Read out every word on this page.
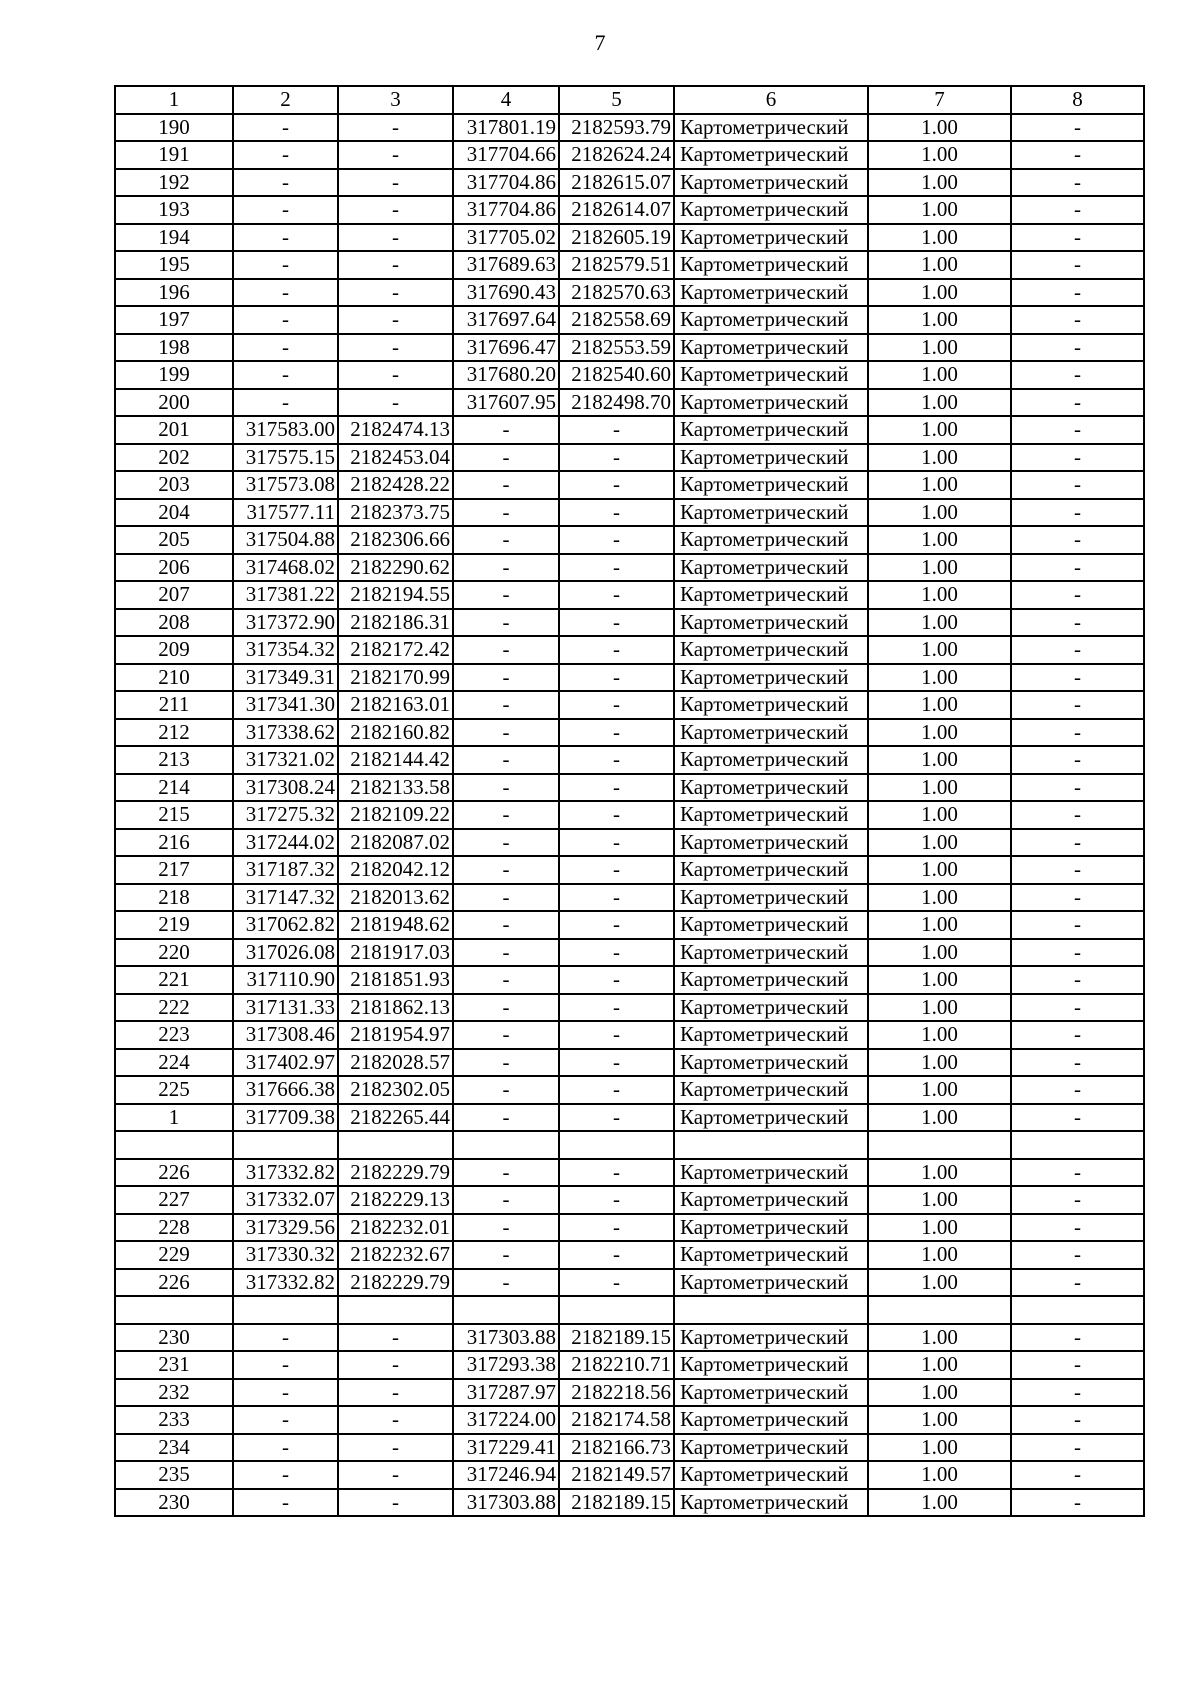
7
1	2	3	4	5	6	7	8
190	-	-	317801.19	2182593.79	Картометрический	1.00	-
191	-	-	317704.66	2182624.24	Картометрический	1.00	-
192	-	-	317704.86	2182615.07	Картометрический	1.00	-
193	-	-	317704.86	2182614.07	Картометрический	1.00	-
194	-	-	317705.02	2182605.19	Картометрический	1.00	-
195	-	-	317689.63	2182579.51	Картометрический	1.00	-
196	-	-	317690.43	2182570.63	Картометрический	1.00	-
197	-	-	317697.64	2182558.69	Картометрический	1.00	-
198	-	-	317696.47	2182553.59	Картометрический	1.00	-
199	-	-	317680.20	2182540.60	Картометрический	1.00	-
200	-	-	317607.95	2182498.70	Картометрический	1.00	-
201	317583.00	2182474.13	-	-	Картометрический	1.00	-
202	317575.15	2182453.04	-	-	Картометрический	1.00	-
203	317573.08	2182428.22	-	-	Картометрический	1.00	-
204	317577.11	2182373.75	-	-	Картометрический	1.00	-
205	317504.88	2182306.66	-	-	Картометрический	1.00	-
206	317468.02	2182290.62	-	-	Картометрический	1.00	-
207	317381.22	2182194.55	-	-	Картометрический	1.00	-
208	317372.90	2182186.31	-	-	Картометрический	1.00	-
209	317354.32	2182172.42	-	-	Картометрический	1.00	-
210	317349.31	2182170.99	-	-	Картометрический	1.00	-
211	317341.30	2182163.01	-	-	Картометрический	1.00	-
212	317338.62	2182160.82	-	-	Картометрический	1.00	-
213	317321.02	2182144.42	-	-	Картометрический	1.00	-
214	317308.24	2182133.58	-	-	Картометрический	1.00	-
215	317275.32	2182109.22	-	-	Картометрический	1.00	-
216	317244.02	2182087.02	-	-	Картометрический	1.00	-
217	317187.32	2182042.12	-	-	Картометрический	1.00	-
218	317147.32	2182013.62	-	-	Картометрический	1.00	-
219	317062.82	2181948.62	-	-	Картометрический	1.00	-
220	317026.08	2181917.03	-	-	Картометрический	1.00	-
221	317110.90	2181851.93	-	-	Картометрический	1.00	-
222	317131.33	2181862.13	-	-	Картометрический	1.00	-
223	317308.46	2181954.97	-	-	Картометрический	1.00	-
224	317402.97	2182028.57	-	-	Картометрический	1.00	-
225	317666.38	2182302.05	-	-	Картометрический	1.00	-
1	317709.38	2182265.44	-	-	Картометрический	1.00	-

226	317332.82	2182229.79	-	-	Картометрический	1.00	-
227	317332.07	2182229.13	-	-	Картометрический	1.00	-
228	317329.56	2182232.01	-	-	Картометрический	1.00	-
229	317330.32	2182232.67	-	-	Картометрический	1.00	-
226	317332.82	2182229.79	-	-	Картометрический	1.00	-

230	-	-	317303.88	2182189.15	Картометрический	1.00	-
231	-	-	317293.38	2182210.71	Картометрический	1.00	-
232	-	-	317287.97	2182218.56	Картометрический	1.00	-
233	-	-	317224.00	2182174.58	Картометрический	1.00	-
234	-	-	317229.41	2182166.73	Картометрический	1.00	-
235	-	-	317246.94	2182149.57	Картометрический	1.00	-
230	-	-	317303.88	2182189.15	Картометрический	1.00	-
